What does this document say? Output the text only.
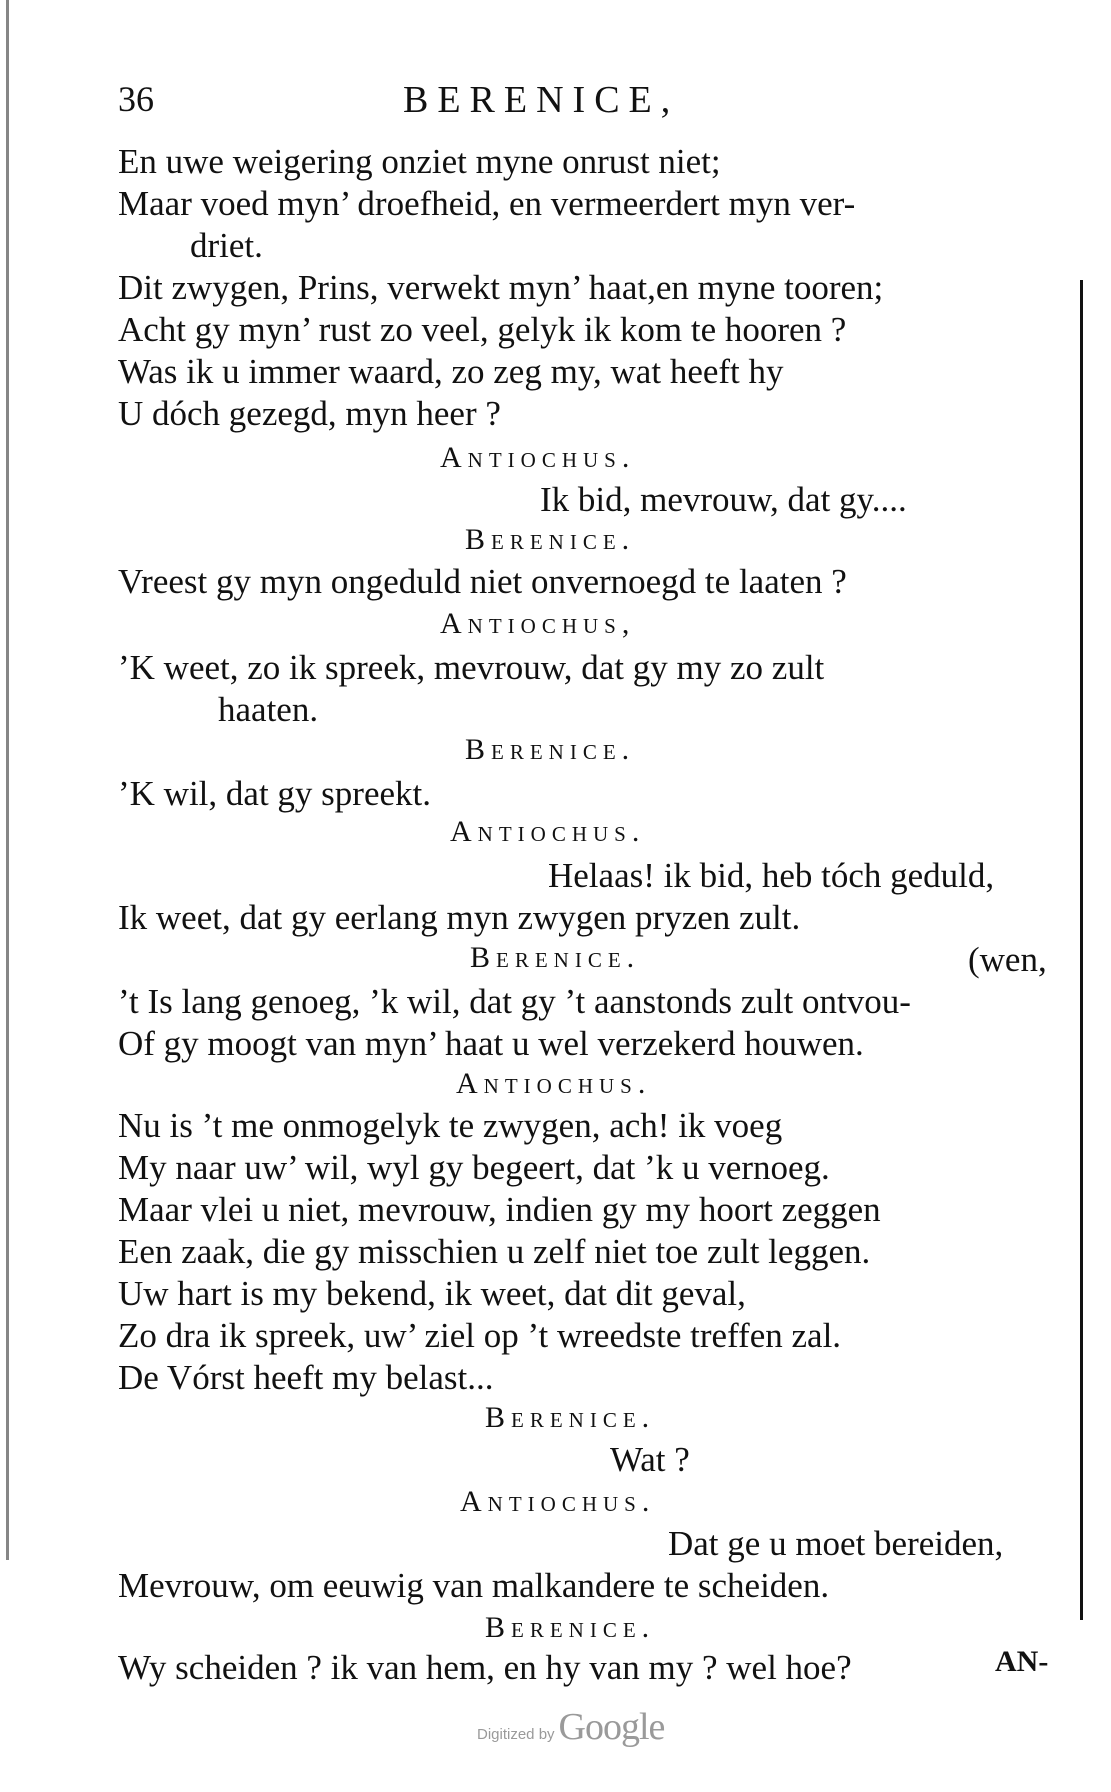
36	BERENICE,
En uwe weigering onziet myne onrust niet;
Maar voed myn’ droefheid, en vermeerdert myn ver-
driet.
Dit zwygen, Prins, verwekt myn’ haat,en myne tooren;
Acht gy myn’ rust zo veel, gelyk ik kom te hooren ?
Was ik u immer waard, zo zeg my, wat heeft hy
U dóch gezegd, myn heer ?
Antiochus.
Ik bid, mevrouw, dat gy....
Berenice.
Vreest gy myn ongeduld niet onvernoegd te laaten ?
Antiochus,
’K weet, zo ik spreek, mevrouw, dat gy my zo zult
haaten.
Berenice.
’K wil, dat gy spreekt.
Antiochus.
Helaas! ik bid, heb tóch geduld,
Ik weet, dat gy eerlang myn zwygen pryzen zult.
Berenice.	(wen,
’t Is lang genoeg, ’k wil, dat gy ’t aanstonds zult ontvou-
Of gy moogt van myn’ haat u wel verzekerd houwen.
Antiochus.
Nu is ’t me onmogelyk te zwygen, ach! ik voeg
My naar uw’ wil, wyl gy begeert, dat ’k u vernoeg.
Maar vlei u niet, mevrouw, indien gy my hoort zeggen
Een zaak, die gy misschien u zelf niet toe zult leggen.
Uw hart is my bekend, ik weet, dat dit geval,
Zo dra ik spreek, uw’ ziel op ’t wreedste treffen zal.
De Vórst heeft my belast...
Berenice.
Wat ?
Antiochus.
Dat ge u moet bereiden,
Mevrouw, om eeuwig van malkandere te scheiden.
Berenice.
Wy scheiden ? ik van hem, en hy van my ? wel hoe?	AN-
Digitized by Google
